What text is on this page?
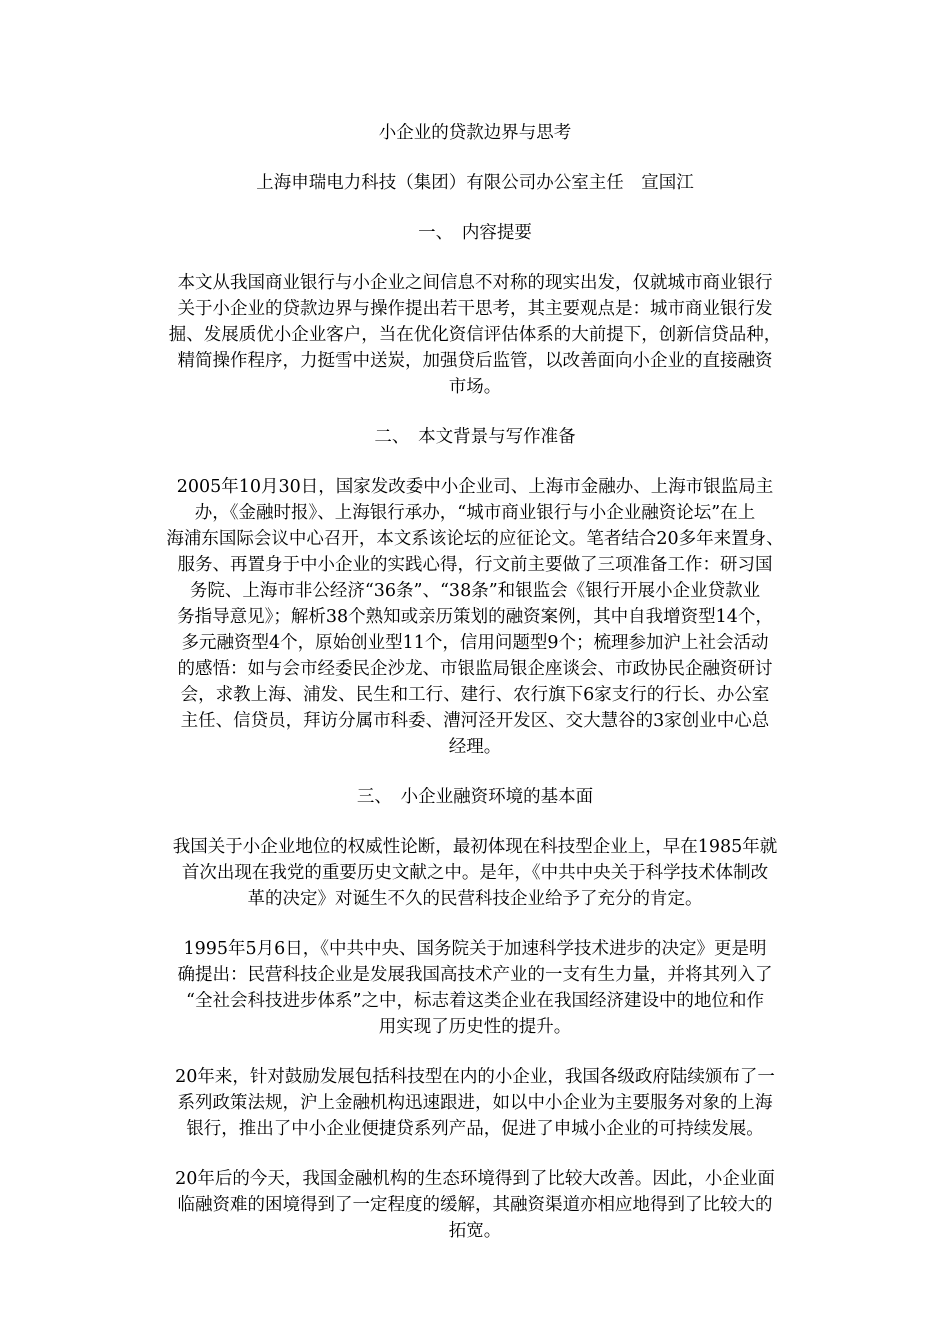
小企业的贷款边界与思考
上海申瑞电力科技（集团）有限公司办公室主任　宣国江
一、　内容提要
本文从我国商业银行与小企业之间信息不对称的现实出发，仅就城市商业银行
关于小企业的贷款边界与操作提出若干思考，其主要观点是：城市商业银行发
掘、发展质优小企业客户，当在优化资信评估体系的大前提下，创新信贷品种，
精简操作程序，力挺雪中送炭，加强贷后监管，以改善面向小企业的直接融资
市场。
二、　本文背景与写作准备
2005年10月30日，国家发改委中小企业司、上海市金融办、上海市银监局主
办，《金融时报》、上海银行承办，“城市商业银行与小企业融资论坛”在上
海浦东国际会议中心召开，本文系该论坛的应征论文。笔者结合20多年来置身、
服务、再置身于中小企业的实践心得，行文前主要做了三项准备工作：研习国
务院、上海市非公经济“36条”、“38条”和银监会《银行开展小企业贷款业
务指导意见》；解析38个熟知或亲历策划的融资案例，其中自我增资型14个，
多元融资型4个，原始创业型11个，信用问题型9个；梳理参加沪上社会活动
的感悟：如与会市经委民企沙龙、市银监局银企座谈会、市政协民企融资研讨
会，求教上海、浦发、民生和工行、建行、农行旗下6家支行的行长、办公室
主任、信贷员，拜访分属市科委、漕河泾开发区、交大慧谷的3家创业中心总
经理。
三、　小企业融资环境的基本面
我国关于小企业地位的权威性论断，最初体现在科技型企业上，早在1985年就
首次出现在我党的重要历史文献之中。是年，《中共中央关于科学技术体制改
革的决定》对诞生不久的民营科技企业给予了充分的肯定。
1995年5月6日，《中共中央、国务院关于加速科学技术进步的决定》更是明
确提出：民营科技企业是发展我国高技术产业的一支有生力量，并将其列入了
“全社会科技进步体系”之中，标志着这类企业在我国经济建设中的地位和作
用实现了历史性的提升。
20年来，针对鼓励发展包括科技型在内的小企业，我国各级政府陆续颁布了一
系列政策法规，沪上金融机构迅速跟进，如以中小企业为主要服务对象的上海
银行，推出了中小企业便捷贷系列产品，促进了申城小企业的可持续发展。
20年后的今天，我国金融机构的生态环境得到了比较大改善。因此，小企业面
临融资难的困境得到了一定程度的缓解，其融资渠道亦相应地得到了比较大的
拓宽。
